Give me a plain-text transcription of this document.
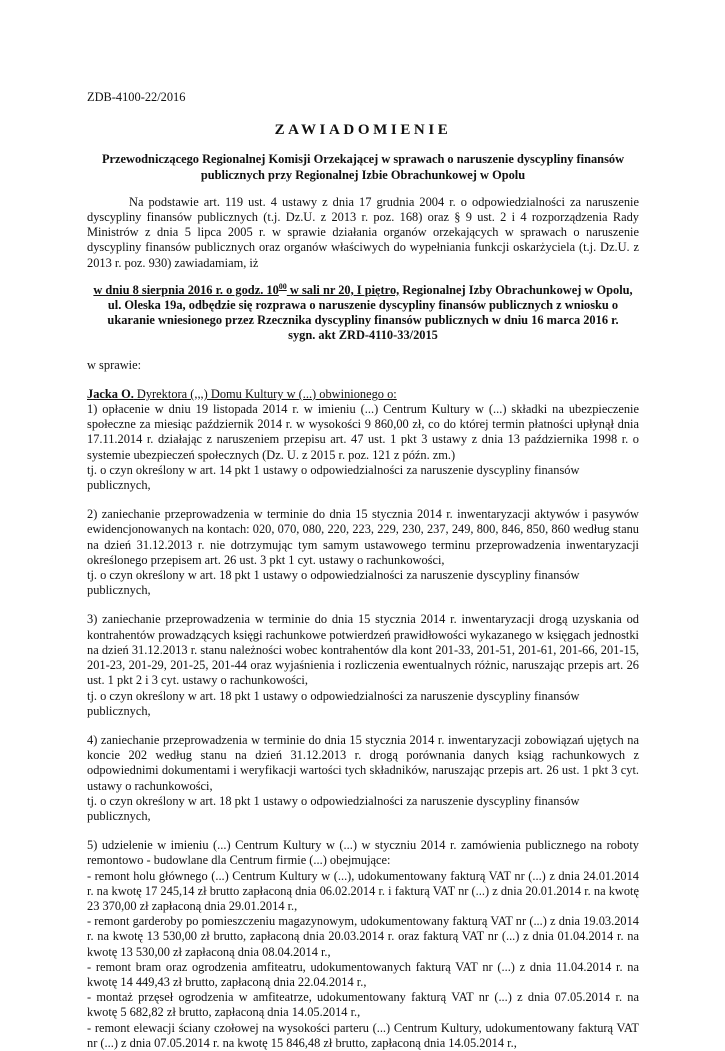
ZDB-4100-22/2016

ZAWIADOMIENIE

Przewodniczącego Regionalnej Komisji Orzekającej w sprawach o naruszenie dyscypliny finansów publicznych przy Regionalnej Izbie Obrachunkowej w Opolu

Na podstawie art. 119 ust. 4 ustawy z dnia 17 grudnia 2004 r. o odpowiedzialności za naruszenie dyscypliny finansów publicznych (t.j. Dz.U. z 2013 r. poz. 168) oraz § 9 ust. 2 i 4 rozporządzenia Rady Ministrów z dnia 5 lipca 2005 r. w sprawie działania organów orzekających w sprawach o naruszenie dyscypliny finansów publicznych oraz organów właściwych do wypełniania funkcji oskarżyciela (t.j. Dz.U. z 2013 r. poz. 930) zawiadamiam, iż

w dniu 8 sierpnia 2016 r. o godz. $10^{00}$ w sali nr 20, I piętro, Regionalnej Izby Obrachunkowej w Opolu, ul. Oleska 19a, odbędzie się rozprawa o naruszenie dyscypliny finansów publicznych z wniosku o ukaranie wniesionego przez Rzecznika dyscypliny finansów publicznych w dniu 16 marca 2016 r.
sygn. akt ZRD-4110-33/2015

w sprawie:

Jacka O. Dyrektora (,,,) Domu Kultury w (...) obwinionego o:

1) opłacenie w dniu 19 listopada 2014 r. w imieniu (...) Centrum Kultury w (...) składki na ubezpieczenie społeczne za miesiąc październik 2014 r. w wysokości 9 860,00 zł, co do której termin płatności upłynął dnia 17.11.2014 r. działając z naruszeniem przepisu art. 47 ust. 1 pkt 3 ustawy z dnia 13 października 1998 r. o systemie ubezpieczeń społecznych (Dz. U. z 2015 r. poz. 121 z późn. zm.)

tj. o czyn określony w art. 14 pkt 1 ustawy o odpowiedzialności za naruszenie dyscypliny finansów publicznych,

2) zaniechanie przeprowadzenia w terminie do dnia 15 stycznia 2014 r. inwentaryzacji aktywów i pasywów ewidencjonowanych na kontach: 020, 070, 080, 220, 223, 229, 230, 237, 249, 800, 846, 850, 860 według stanu na dzień 31.12.2013 r. nie dotrzymując tym samym ustawowego terminu przeprowadzenia inwentaryzacji określonego przepisem art. 26 ust. 3 pkt 1 cyt. ustawy o rachunkowości,

tj. o czyn określony w art. 18 pkt 1 ustawy o odpowiedzialności za naruszenie dyscypliny finansów publicznych,

3) zaniechanie przeprowadzenia w terminie do dnia 15 stycznia 2014 r. inwentaryzacji drogą uzyskania od kontrahentów prowadzących księgi rachunkowe potwierdzeń prawidłowości wykazanego w księgach jednostki na dzień 31.12.2013 r. stanu należności wobec kontrahentów dla kont 201-33, 201-51, 201-61, 201-66, 201-15, 201-23, 201-29, 201-25, 201-44 oraz wyjaśnienia i rozliczenia ewentualnych różnic, naruszając przepis art. 26 ust. 1 pkt 2 i 3 cyt. ustawy o rachunkowości,

tj. o czyn określony w art. 18 pkt 1 ustawy o odpowiedzialności za naruszenie dyscypliny finansów publicznych,

4) zaniechanie przeprowadzenia w terminie do dnia 15 stycznia 2014 r. inwentaryzacji zobowiązań ujętych na koncie 202 według stanu na dzień 31.12.2013 r. drogą porównania danych ksiąg rachunkowych z odpowiednimi dokumentami i weryfikacji wartości tych składników, naruszając przepis art. 26 ust. 1 pkt 3 cyt. ustawy o rachunkowości,

tj. o czyn określony w art. 18 pkt 1 ustawy o odpowiedzialności za naruszenie dyscypliny finansów publicznych,

5) udzielenie w imieniu (...) Centrum Kultury w (...) w styczniu 2014 r. zamówienia publicznego na roboty remontowo - budowlane dla Centrum firmie (...) obejmujące:

- remont holu głównego (...) Centrum Kultury w (...), udokumentowany fakturą VAT nr (...) z dnia 24.01.2014 r. na kwotę 17 245,14 zł brutto zapłaconą dnia 06.02.2014 r. i fakturą VAT nr (...) z dnia 20.01.2014 r. na kwotę 23 370,00 zł zapłaconą dnia 29.01.2014 r.,

- remont garderoby po pomieszczeniu magazynowym, udokumentowany fakturą VAT nr (...) z dnia 19.03.2014 r. na kwotę 13 530,00 zł brutto, zapłaconą dnia 20.03.2014 r. oraz fakturą VAT nr (...) z dnia 01.04.2014 r. na kwotę 13 530,00 zł zapłaconą dnia 08.04.2014 r.,

- remont bram oraz ogrodzenia amfiteatru, udokumentowanych fakturą VAT nr (...) z dnia 11.04.2014 r. na kwotę 14 449,43 zł brutto, zapłaconą dnia 22.04.2014 r.,

- montaż przęseł ogrodzenia w amfiteatrze, udokumentowany fakturą VAT nr (...) z dnia 07.05.2014 r. na kwotę 5 682,82 zł brutto, zapłaconą dnia 14.05.2014 r.,

- remont elewacji ściany czołowej na wysokości parteru (...) Centrum Kultury, udokumentowany fakturą VAT nr (...) z dnia 07.05.2014 r. na kwotę 15 846,48 zł brutto, zapłaconą dnia 14.05.2014 r.,
